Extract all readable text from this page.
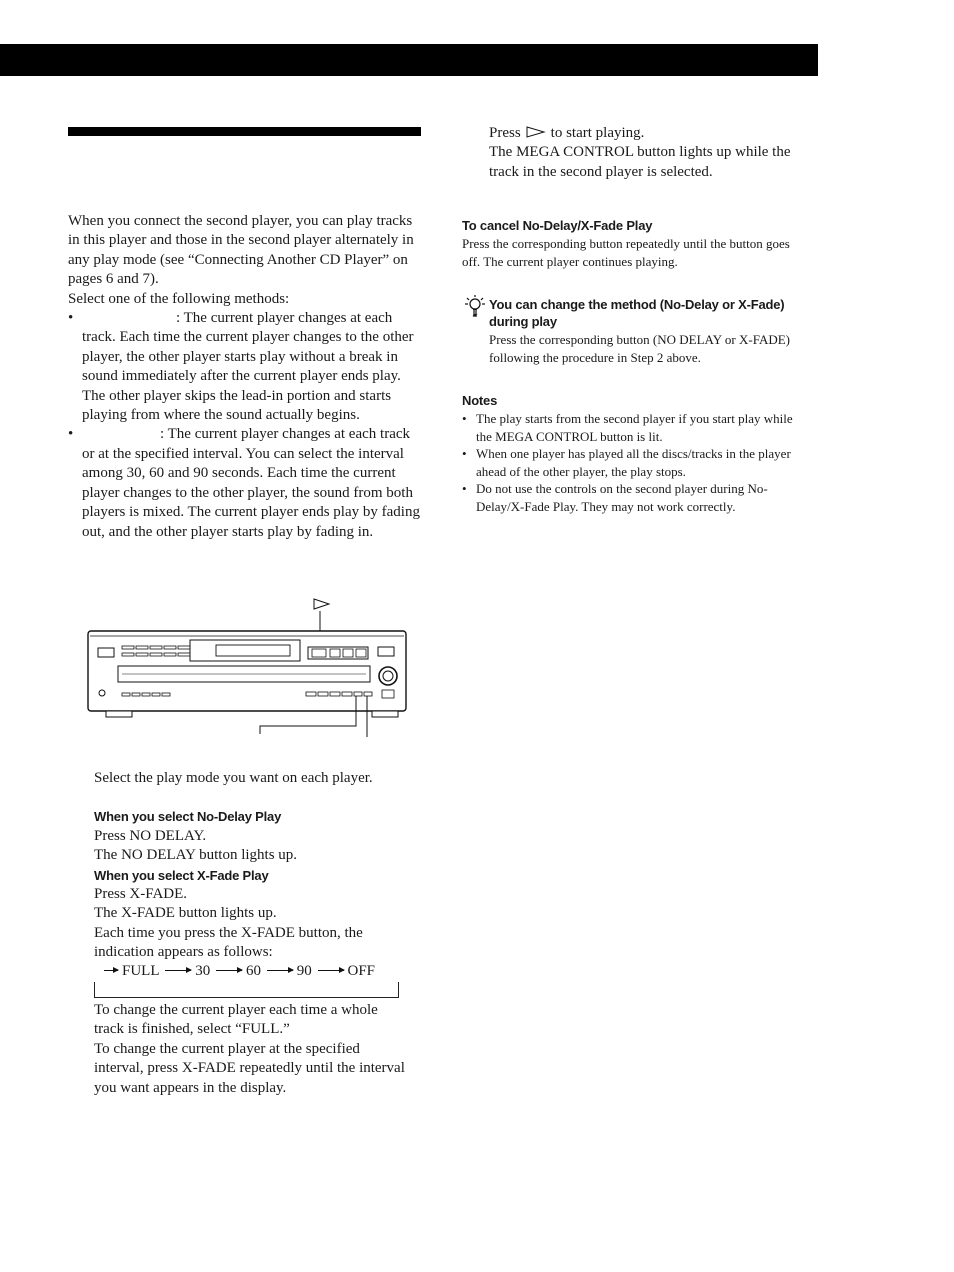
When you connect the second player, you can play tracks in this player and those in the second player alternately in any play mode (see “Connecting Another CD Player” on pages 6 and 7).
Select one of the following methods:
•	: The current player changes at each track. Each time the current player changes to the other player, the other player starts play without a break in sound immediately after the current player ends play. The other player skips the lead-in portion and starts playing from where the sound actually begins.
•	: The current player changes at each track or at the specified interval. You can select the interval among 30, 60 and 90 seconds. Each time the current player changes to the other player, the sound from both players is mixed. The current player ends play by fading out, and the other player starts play by fading in.
Select the play mode you want on each player.
When you select No-Delay Play
Press NO DELAY.
The NO DELAY button lights up.
When you select X-Fade Play
Press X-FADE.
The X-FADE button lights up.
Each time you press the X-FADE button, the indication appears as follows:
FULL 30 60 90 OFF
To change the current player each time a whole track is finished, select “FULL.”
To change the current player at the specified interval, press X-FADE repeatedly until the interval you want appears in the display.
Press to start playing.
The MEGA CONTROL button lights up while the track in the second player is selected.
To cancel No-Delay/X-Fade Play
Press the corresponding button repeatedly until the button goes off. The current player continues playing.
You can change the method (No-Delay or X-Fade) during play
Press the corresponding button (NO DELAY or X-FADE) following the procedure in Step 2 above.
Notes
• The play starts from the second player if you start play while the MEGA CONTROL button is lit.
• When one player has played all the discs/tracks in the player ahead of the other player, the play stops.
• Do not use the controls on the second player during No-Delay/X-Fade Play. They may not work correctly.
